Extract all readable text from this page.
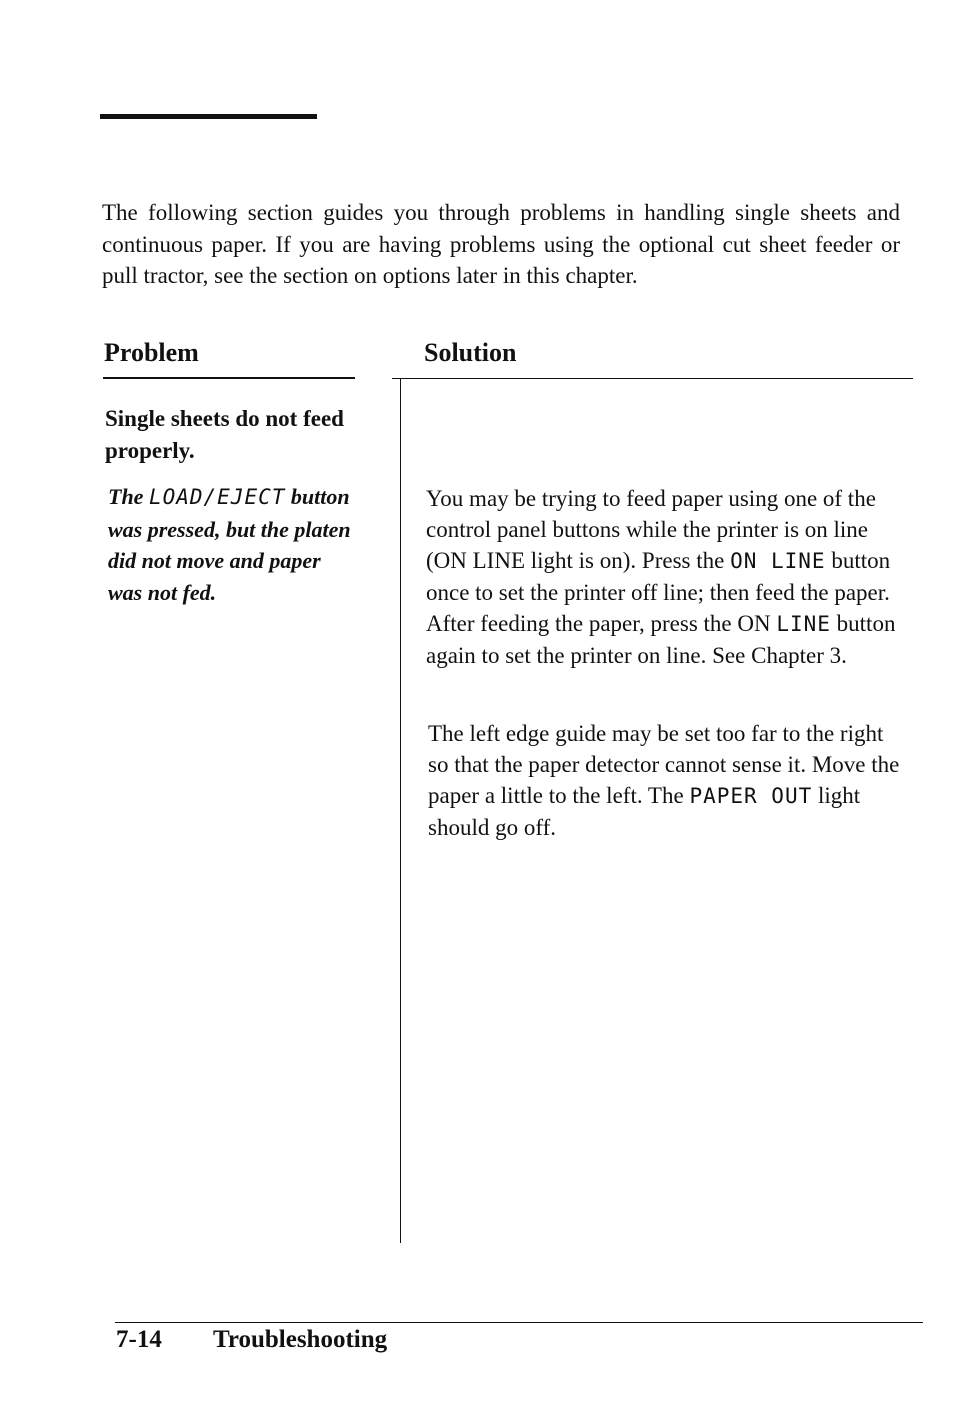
The following section guides you through problems in handling single sheets and continuous paper. If you are having problems using the optional cut sheet feeder or pull tractor, see the section on options later in this chapter.

Problem	Solution

Single sheets do not feed properly.

The LOAD/EJECT button was pressed, but the platen did not move and paper was not fed.

You may be trying to feed paper using one of the control panel buttons while the printer is on line (ON LINE light is on). Press the ON LINE button once to set the printer off line; then feed the paper. After feeding the paper, press the ON LINE button again to set the printer on line. See Chapter 3.

The left edge guide may be set too far to the right so that the paper detector cannot sense it. Move the paper a little to the left. The PAPER OUT light should go off.

7-14 Troubleshooting
